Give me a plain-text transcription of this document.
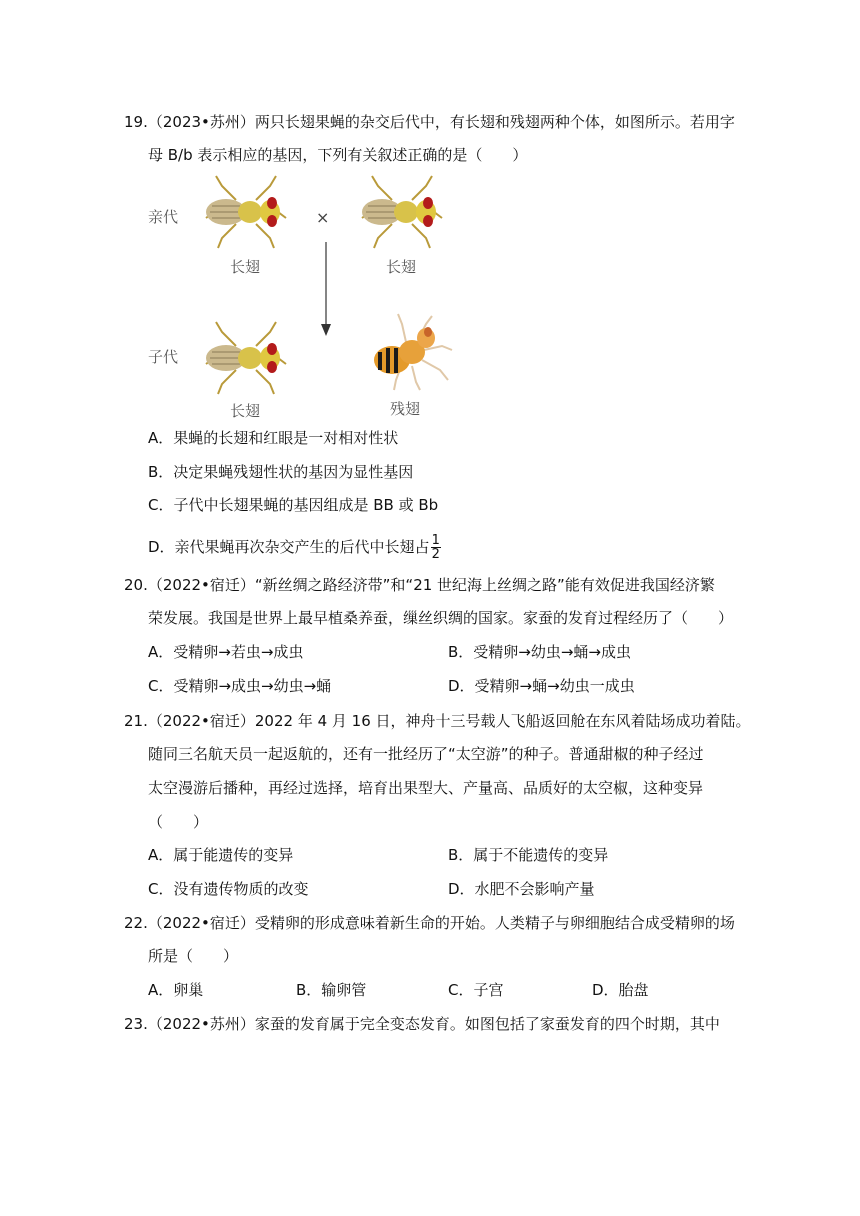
19.（2023•苏州）两只长翅果蝇的杂交后代中，有长翅和残翅两种个体，如图所示。若用字
母 B/b 表示相应的基因，下列有关叙述正确的是（　　）
亲代
子代
×
长翅	长翅
长翅	残翅
A．果蝇的长翅和红眼是一对相对性状
B．决定果蝇残翅性状的基因为显性基因
C．子代中长翅果蝇的基因组成是 BB 或 Bb
D．亲代果蝇再次杂交产生的后代中长翅占 $\frac{1}{2}$
20.（2022•宿迁）“新丝绸之路经济带”和“21 世纪海上丝绸之路”能有效促进我国经济繁
荣发展。我国是世界上最早植桑养蚕，缫丝织绸的国家。家蚕的发育过程经历了（　　）
A．受精卵→若虫→成虫	B．受精卵→幼虫→蛹→成虫
C．受精卵→成虫→幼虫→蛹	D．受精卵→蛹→幼虫一成虫
21.（2022•宿迁）2022 年 4 月 16 日，神舟十三号载人飞船返回舱在东风着陆场成功着陆。
随同三名航天员一起返航的，还有一批经历了“太空游”的种子。普通甜椒的种子经过
太空漫游后播种，再经过选择，培育出果型大、产量高、品质好的太空椒，这种变异
（　　）
A．属于能遗传的变异	B．属于不能遗传的变异
C．没有遗传物质的改变	D．水肥不会影响产量
22.（2022•宿迁）受精卵的形成意味着新生命的开始。人类精子与卵细胞结合成受精卵的场
所是（　　）
A．卵巢	B．输卵管	C．子宫	D．胎盘
23.（2022•苏州）家蚕的发育属于完全变态发育。如图包括了家蚕发育的四个时期，其中
